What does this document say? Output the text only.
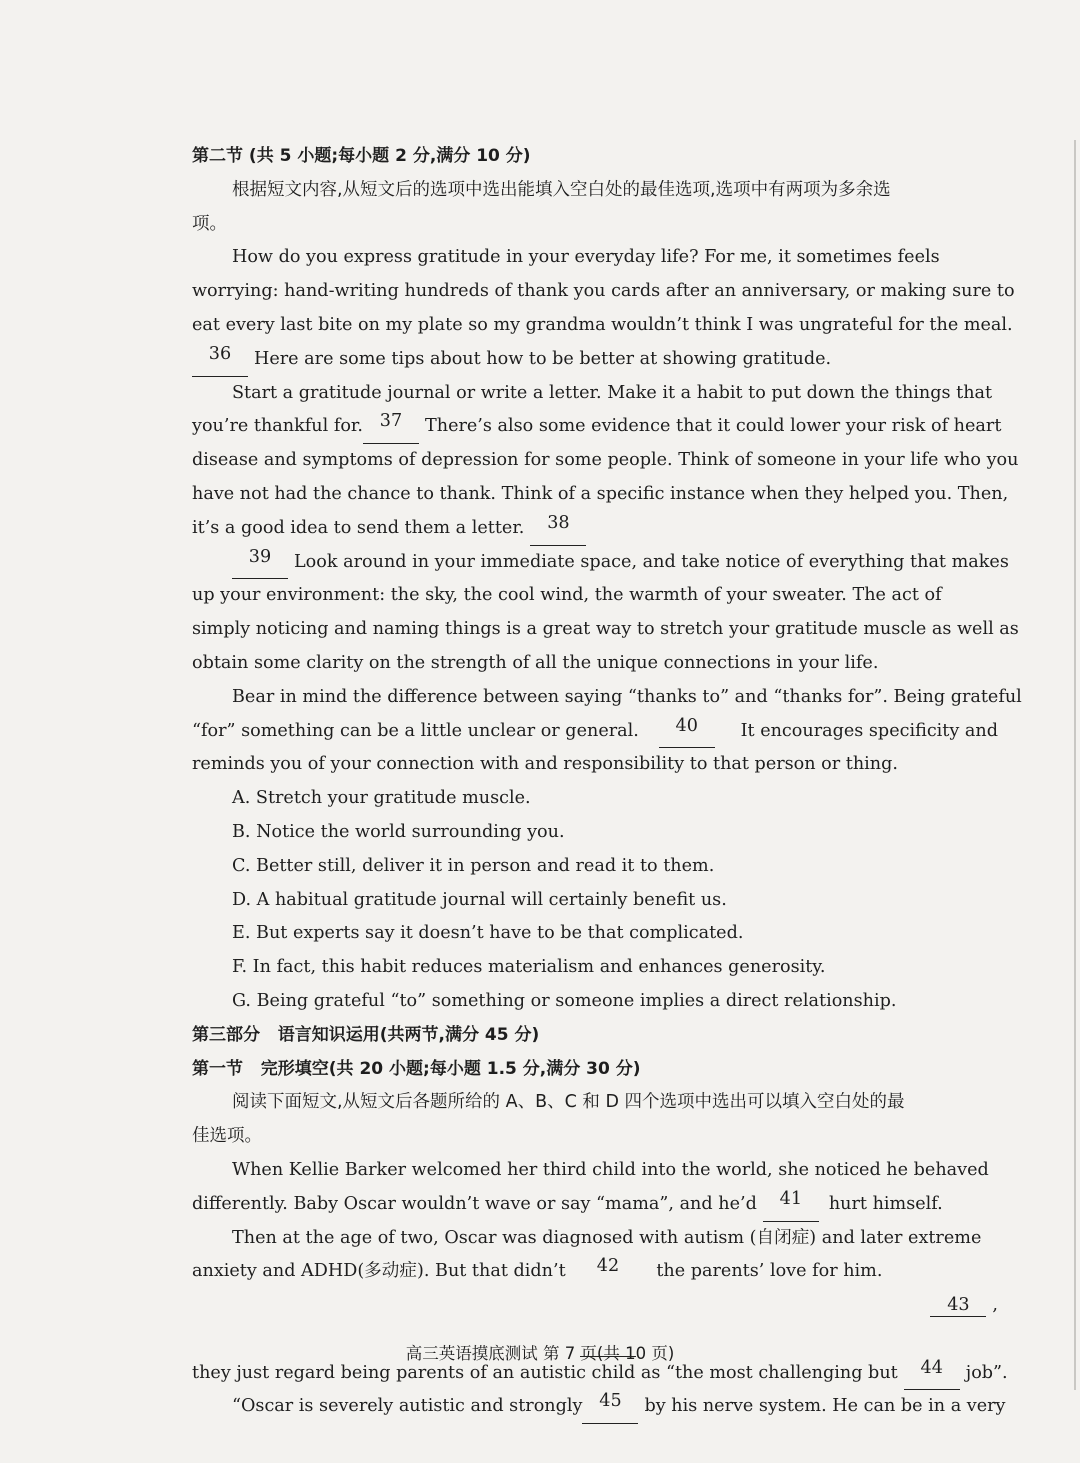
第二节 (共 5 小题;每小题 2 分,满分 10 分)
根据短文内容,从短文后的选项中选出能填入空白处的最佳选项,选项中有两项为多余选
项。
How do you express gratitude in your everyday life? For me, it sometimes feels
worrying: hand-writing hundreds of thank you cards after an anniversary, or making sure to
eat every last bite on my plate so my grandma wouldn’t think I was ungrateful for the meal.
36	Here are some tips about how to be better at showing gratitude.
Start a gratitude journal or write a letter. Make it a habit to put down the things that
you’re thankful for. 37	There’s also some evidence that it could lower your risk of heart
disease and symptoms of depression for some people. Think of someone in your life who you
have not had the chance to thank. Think of a specific instance when they helped you. Then,
it’s a good idea to send them a letter.	38
39	Look around in your immediate space, and take notice of everything that makes
up your environment: the sky, the cool wind, the warmth of your sweater. The act of
simply noticing and naming things is a great way to stretch your gratitude muscle as well as
obtain some clarity on the strength of all the unique connections in your life.
Bear in mind the difference between saying “thanks to” and “thanks for”. Being grateful
“for” something can be a little unclear or general.	40	It encourages specificity and
reminds you of your connection with and responsibility to that person or thing.
A. Stretch your gratitude muscle.
B. Notice the world surrounding you.
C. Better still, deliver it in person and read it to them.
D. A habitual gratitude journal will certainly benefit us.
E. But experts say it doesn’t have to be that complicated.
F. In fact, this habit reduces materialism and enhances generosity.
G. Being grateful “to” something or someone implies a direct relationship.
第三部分   语言知识运用(共两节,满分 45 分)
第一节   完形填空(共 20 小题;每小题 1.5 分,满分 30 分)
阅读下面短文,从短文后各题所给的 A、B、C 和 D 四个选项中选出可以填入空白处的最
佳选项。
When Kellie Barker welcomed her third child into the world, she noticed he behaved
differently. Baby Oscar wouldn’t wave or say “mama”, and he’d	41	hurt himself.
Then at the age of two, Oscar was diagnosed with autism (自闭症) and later extreme
anxiety and ADHD(多动症). But that didn’t	42	the parents’ love for him.

43 ,

they just regard being parents of an autistic child as “the most challenging but	44	job”.
“Oscar is severely autistic and strongly 45	by his nerve system. He can be in a very
高三英语摸底测试 第 7 页(共 10 页)
